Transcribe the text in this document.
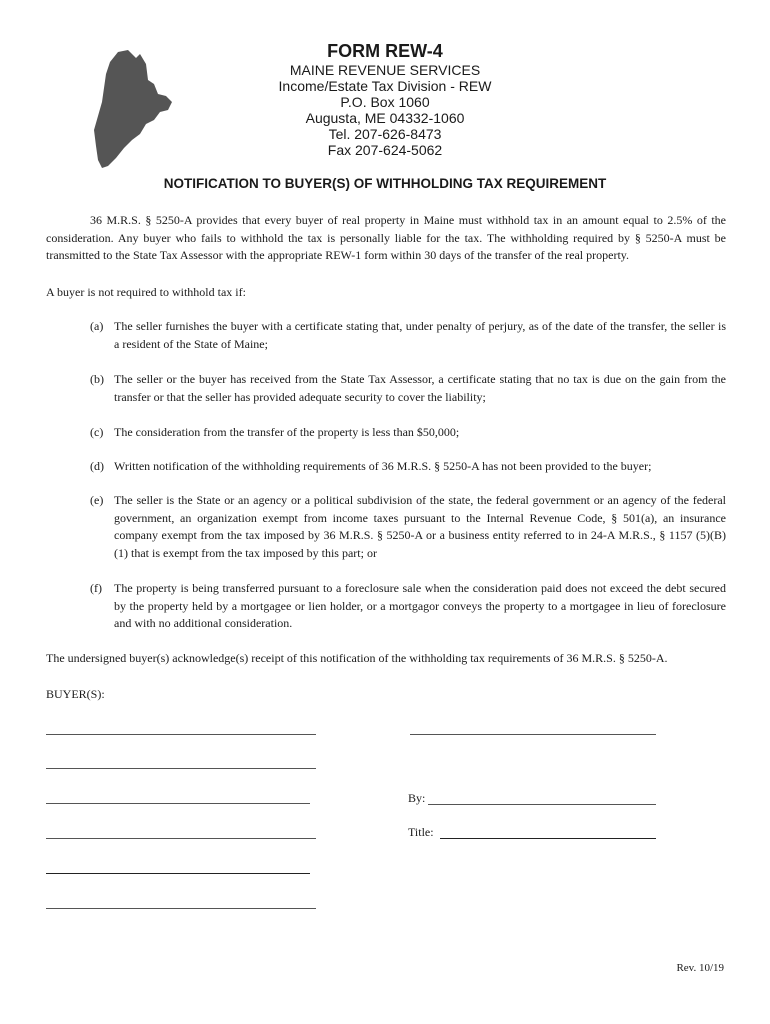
FORM REW-4
MAINE REVENUE SERVICES
Income/Estate Tax Division - REW
P.O. Box 1060
Augusta, ME 04332-1060
Tel. 207-626-8473
Fax 207-624-5062
NOTIFICATION TO BUYER(S) OF WITHHOLDING TAX REQUIREMENT
36 M.R.S. § 5250-A provides that every buyer of real property in Maine must withhold tax in an amount equal to 2.5% of the consideration. Any buyer who fails to withhold the tax is personally liable for the tax. The withholding required by § 5250-A must be transmitted to the State Tax Assessor with the appropriate REW-1 form within 30 days of the transfer of the real property.
A buyer is not required to withhold tax if:
(a) The seller furnishes the buyer with a certificate stating that, under penalty of perjury, as of the date of the transfer, the seller is a resident of the State of Maine;
(b) The seller or the buyer has received from the State Tax Assessor, a certificate stating that no tax is due on the gain from the transfer or that the seller has provided adequate security to cover the liability;
(c) The consideration from the transfer of the property is less than $50,000;
(d) Written notification of the withholding requirements of 36 M.R.S. § 5250-A has not been provided to the buyer;
(e) The seller is the State or an agency or a political subdivision of the state, the federal government or an agency of the federal government, an organization exempt from income taxes pursuant to the Internal Revenue Code, § 501(a), an insurance company exempt from the tax imposed by 36 M.R.S. § 5250-A or a business entity referred to in 24-A M.R.S., § 1157 (5)(B)(1) that is exempt from the tax imposed by this part; or
(f)	The property is being transferred pursuant to a foreclosure sale when the consideration paid does not exceed the debt secured by the property held by a mortgagee or lien holder, or a mortgagor conveys the property to a mortgagee in lieu of foreclosure and with no additional consideration.
The undersigned buyer(s) acknowledge(s) receipt of this notification of the withholding tax requirements of 36 M.R.S. § 5250-A.
BUYER(S):
By:
Title:
Rev. 10/19
